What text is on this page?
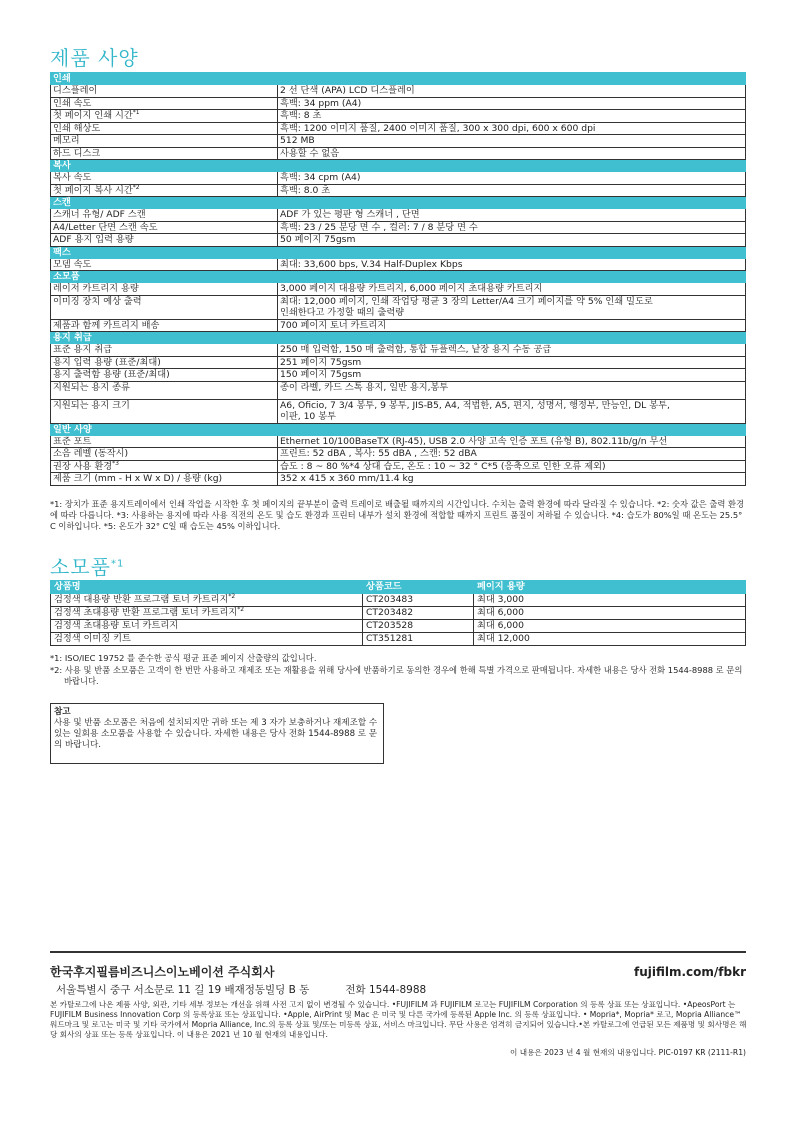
제품 사양
인쇄	
디스플레이	2 선 단색 (APA) LCD 디스플레이

인쇄 속도	흑백: 34 ppm (A4)

첫 페이지 인쇄 시간$^{*1}$	흑백: 8 초

인쇄 해상도	흑백: 1200 이미지 품질, 2400 이미지 품질, 300 x 300 dpi, 600 x 600 dpi

메모리	512 MB

하드 디스크	사용할 수 없음

복사	
복사 속도	흑백: 34 cpm (A4)

첫 페이지 복사 시간$^{*2}$	흑백: 8.0 초

스캔	
스캐너 유형/ ADF 스캔	ADF 가 있는 평판 형 스캐너 , 단면

A4/Letter 단면 스캔 속도	흑백: 23 / 25 분당 면 수 , 컬러: 7 / 8 분당 면 수

ADF 용지 입력 용량	50 페이지 75gsm

팩스	
모뎀 속도	최대: 33,600 bps, V.34 Half-Duplex Kbps

소모품	
레이저 카트리지 용량	3,000 페이지 대용량 카트리지, 6,000 페이지 초대용량 카트리지

이미징 장치 예상 출력	최대: 12,000 페이지, 인쇄 작업당 평균 3 장의 Letter/A4 크기 페이지를 약 5% 인쇄 밀도로
인쇄한다고 가정할 때의 출력량

제품과 함께 카트리지 배송	700 페이지 토너 카트리지

용지 취급	
표준 용지 취급	250 매 입력함, 150 매 출력함, 통합 듀플렉스, 낱장 용지 수동 공급

용지 입력 용량 (표준/최대)	251 페이지 75gsm

용지 출력함 용량 (표준/최대)	150 페이지 75gsm

지원되는 용지 종류	종이 라벨, 카드 스톡 용지, 일반 용지,봉투

지원되는 용지 크기	A6, Oficio, 7 3/4 봉투, 9 봉투, JIS-B5, A4, 적법한, A5, 편지, 성명서, 행정부, 만능인, DL 봉투,
이판, 10 봉투

일반 사양	
표준 포트	Ethernet 10/100BaseTX (RJ-45), USB 2.0 사양 고속 인증 포트 (유형 B), 802.11b/g/n 무선

소음 레벨 (동작시)	프린트: 52 dBA , 복사: 55 dBA , 스캔: 52 dBA

권장 사용 환경$^{*3}$	습도 : 8 ~ 80 %*4 상대 습도, 온도 : 10 ~ 32 ° C*5 (응축으로 인한 오류 제외)

제품 크기 (mm - H x W x D) / 용량 (kg)	352 x 415 x 360 mm/11.4 kg
*1: 장치가 표준 용지트레이에서 인쇄 작업을 시작한 후 첫 페이지의 끝부분이 출력 트레이로 배출될 때까지의 시간입니다. 수치는 출력 환경에 따라 달라질 수 있습니다. *2: 숫자 값은 출력 환경에 따라 다릅니다. *3: 사용하는 용지에 따라 사용 직전의 온도 및 습도 환경과 프린터 내부가 설치 환경에 적합할 때까지 프린트 품질이 저하될 수 있습니다. *4: 습도가 80%일 때 온도는 25.5° C 이하입니다. *5: 온도가 32° C일 때 습도는 45% 이하입니다.
소모품$^{*1}$
상품명	상품코드	페이지 용량
검정색 대용량 반환 프로그램 토너 카트리지$^{*2}$	CT203483	최대 3,000
검정색 초대용량 반환 프로그램 토너 카트리지$^{*2}$	CT203482	최대 6,000
검정색 초대용량 토너 카트리지	CT203528	최대 6,000
검정색 이미징 키트	CT351281	최대 12,000
*1: ISO/IEC 19752 를 준수한 공식 평균 표준 페이지 산출량의 값입니다.
*2: 사용 및 반품 소모품은 고객이 한 번만 사용하고 재제조 또는 재활용을 위해 당사에 반품하기로 동의한 경우에 한해 특별 가격으로 판매됩니다. 자세한 내용은 당사 전화 1544-8988 로 문의 바랍니다.
참고
사용 및 반품 소모품은 처음에 설치되지만 귀하 또는 제 3 자가 보충하거나 재제조할 수 있는 일회용 소모품을 사용할 수 있습니다. 자세한 내용은 당사 전화 1544-8988 로 문의 바랍니다.
한국후지필름비즈니스이노베이션 주식회사	fujifilm.com/fbkr
서울특별시 중구 서소문로 11 길 19 배재정동빌딩 B 동	전화 1544-8988
본 카탈로그에 나온 제품 사양, 외관, 기타 세부 정보는 개선을 위해 사전 고지 없이 변경될 수 있습니다. •FUJIFILM 과 FUJIFILM 로고는 FUJIFILM Corporation 의 등록 상표 또는 상표입니다. •ApeosPort 는 FUJIFILM Business Innovation Corp 의 등록상표 또는 상표입니다. •Apple, AirPrint 및 Mac 은 미국 및 다른 국가에 등록된 Apple Inc. 의 등록 상표입니다. • Mopria*, Mopria* 로고, Mopria Alliance™ 워드마크 및 로고는 미국 및 기타 국가에서 Mopria Alliance, Inc.의 등록 상표 및/또는 미등록 상표, 서비스 마크입니다. 무단 사용은 엄격히 금지되어 있습니다.•본 카탈로그에 언급된 모든 제품명 및 회사명은 해당 회사의 상표 또는 등록 상표입니다. 이 내용은 2021 년 10 월 현재의 내용입니다.
이 내용은 2023 년 4 월 현재의 내용입니다. PIC-0197 KR (2111-R1)
